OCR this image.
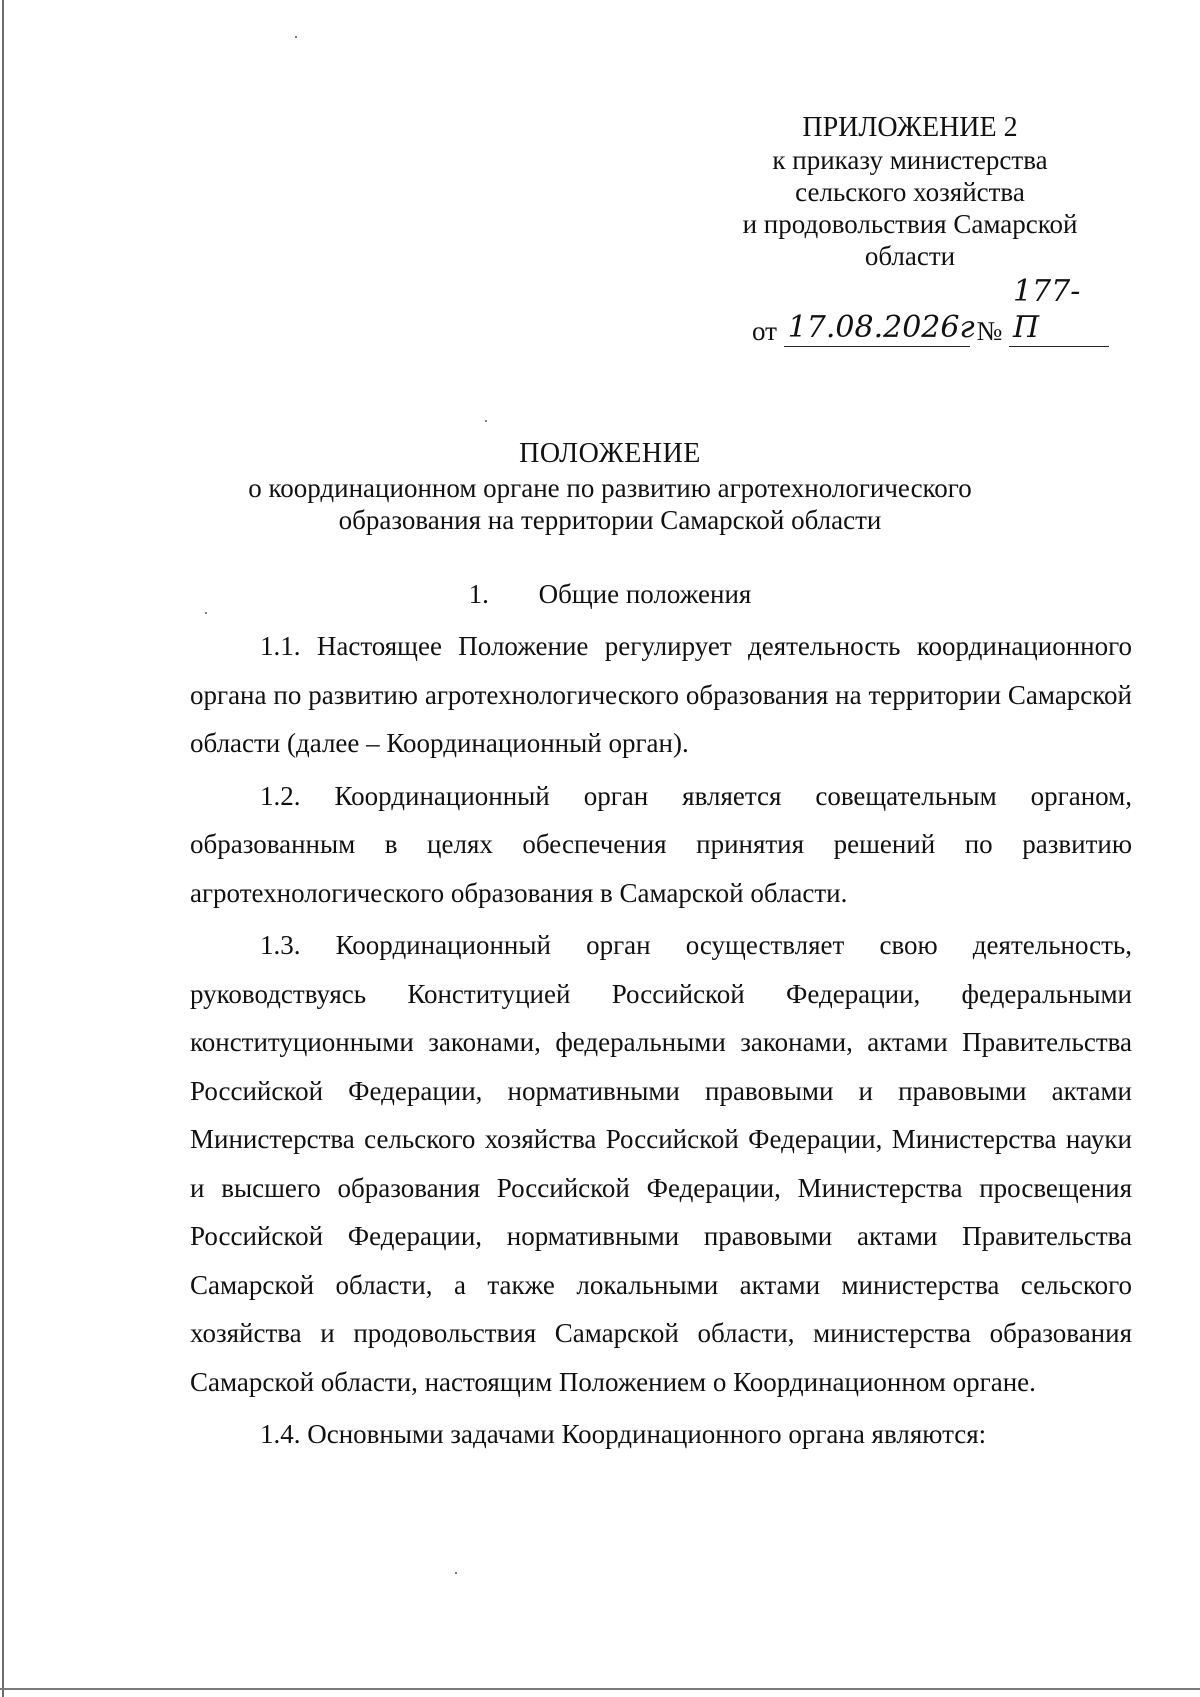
ПРИЛОЖЕНИЕ 2
к приказу министерства
сельского хозяйства
и продовольствия Самарской
области
от 17.08.2026г № 177-П
ПОЛОЖЕНИЕ
о координационном органе по развитию агротехнологического
образования на территории Самарской области
1. Общие положения

1.1. Настоящее Положение регулирует деятельность координационного органа по развитию агротехнологического образования на территории Самарской области (далее – Координационный орган).

1.2. Координационный орган является совещательным органом, образованным в целях обеспечения принятия решений по развитию агротехнологического образования в Самарской области.

1.3. Координационный орган осуществляет свою деятельность, руководствуясь Конституцией Российской Федерации, федеральными конституционными законами, федеральными законами, актами Правительства Российской Федерации, нормативными правовыми и правовыми актами Министерства сельского хозяйства Российской Федерации, Министерства науки и высшего образования Российской Федерации, Министерства просвещения Российской Федерации, нормативными правовыми актами Правительства Самарской области, а также локальными актами министерства сельского хозяйства и продовольствия Самарской области, министерства образования Самарской области, настоящим Положением о Координационном органе.

1.4. Основными задачами Координационного органа являются:
